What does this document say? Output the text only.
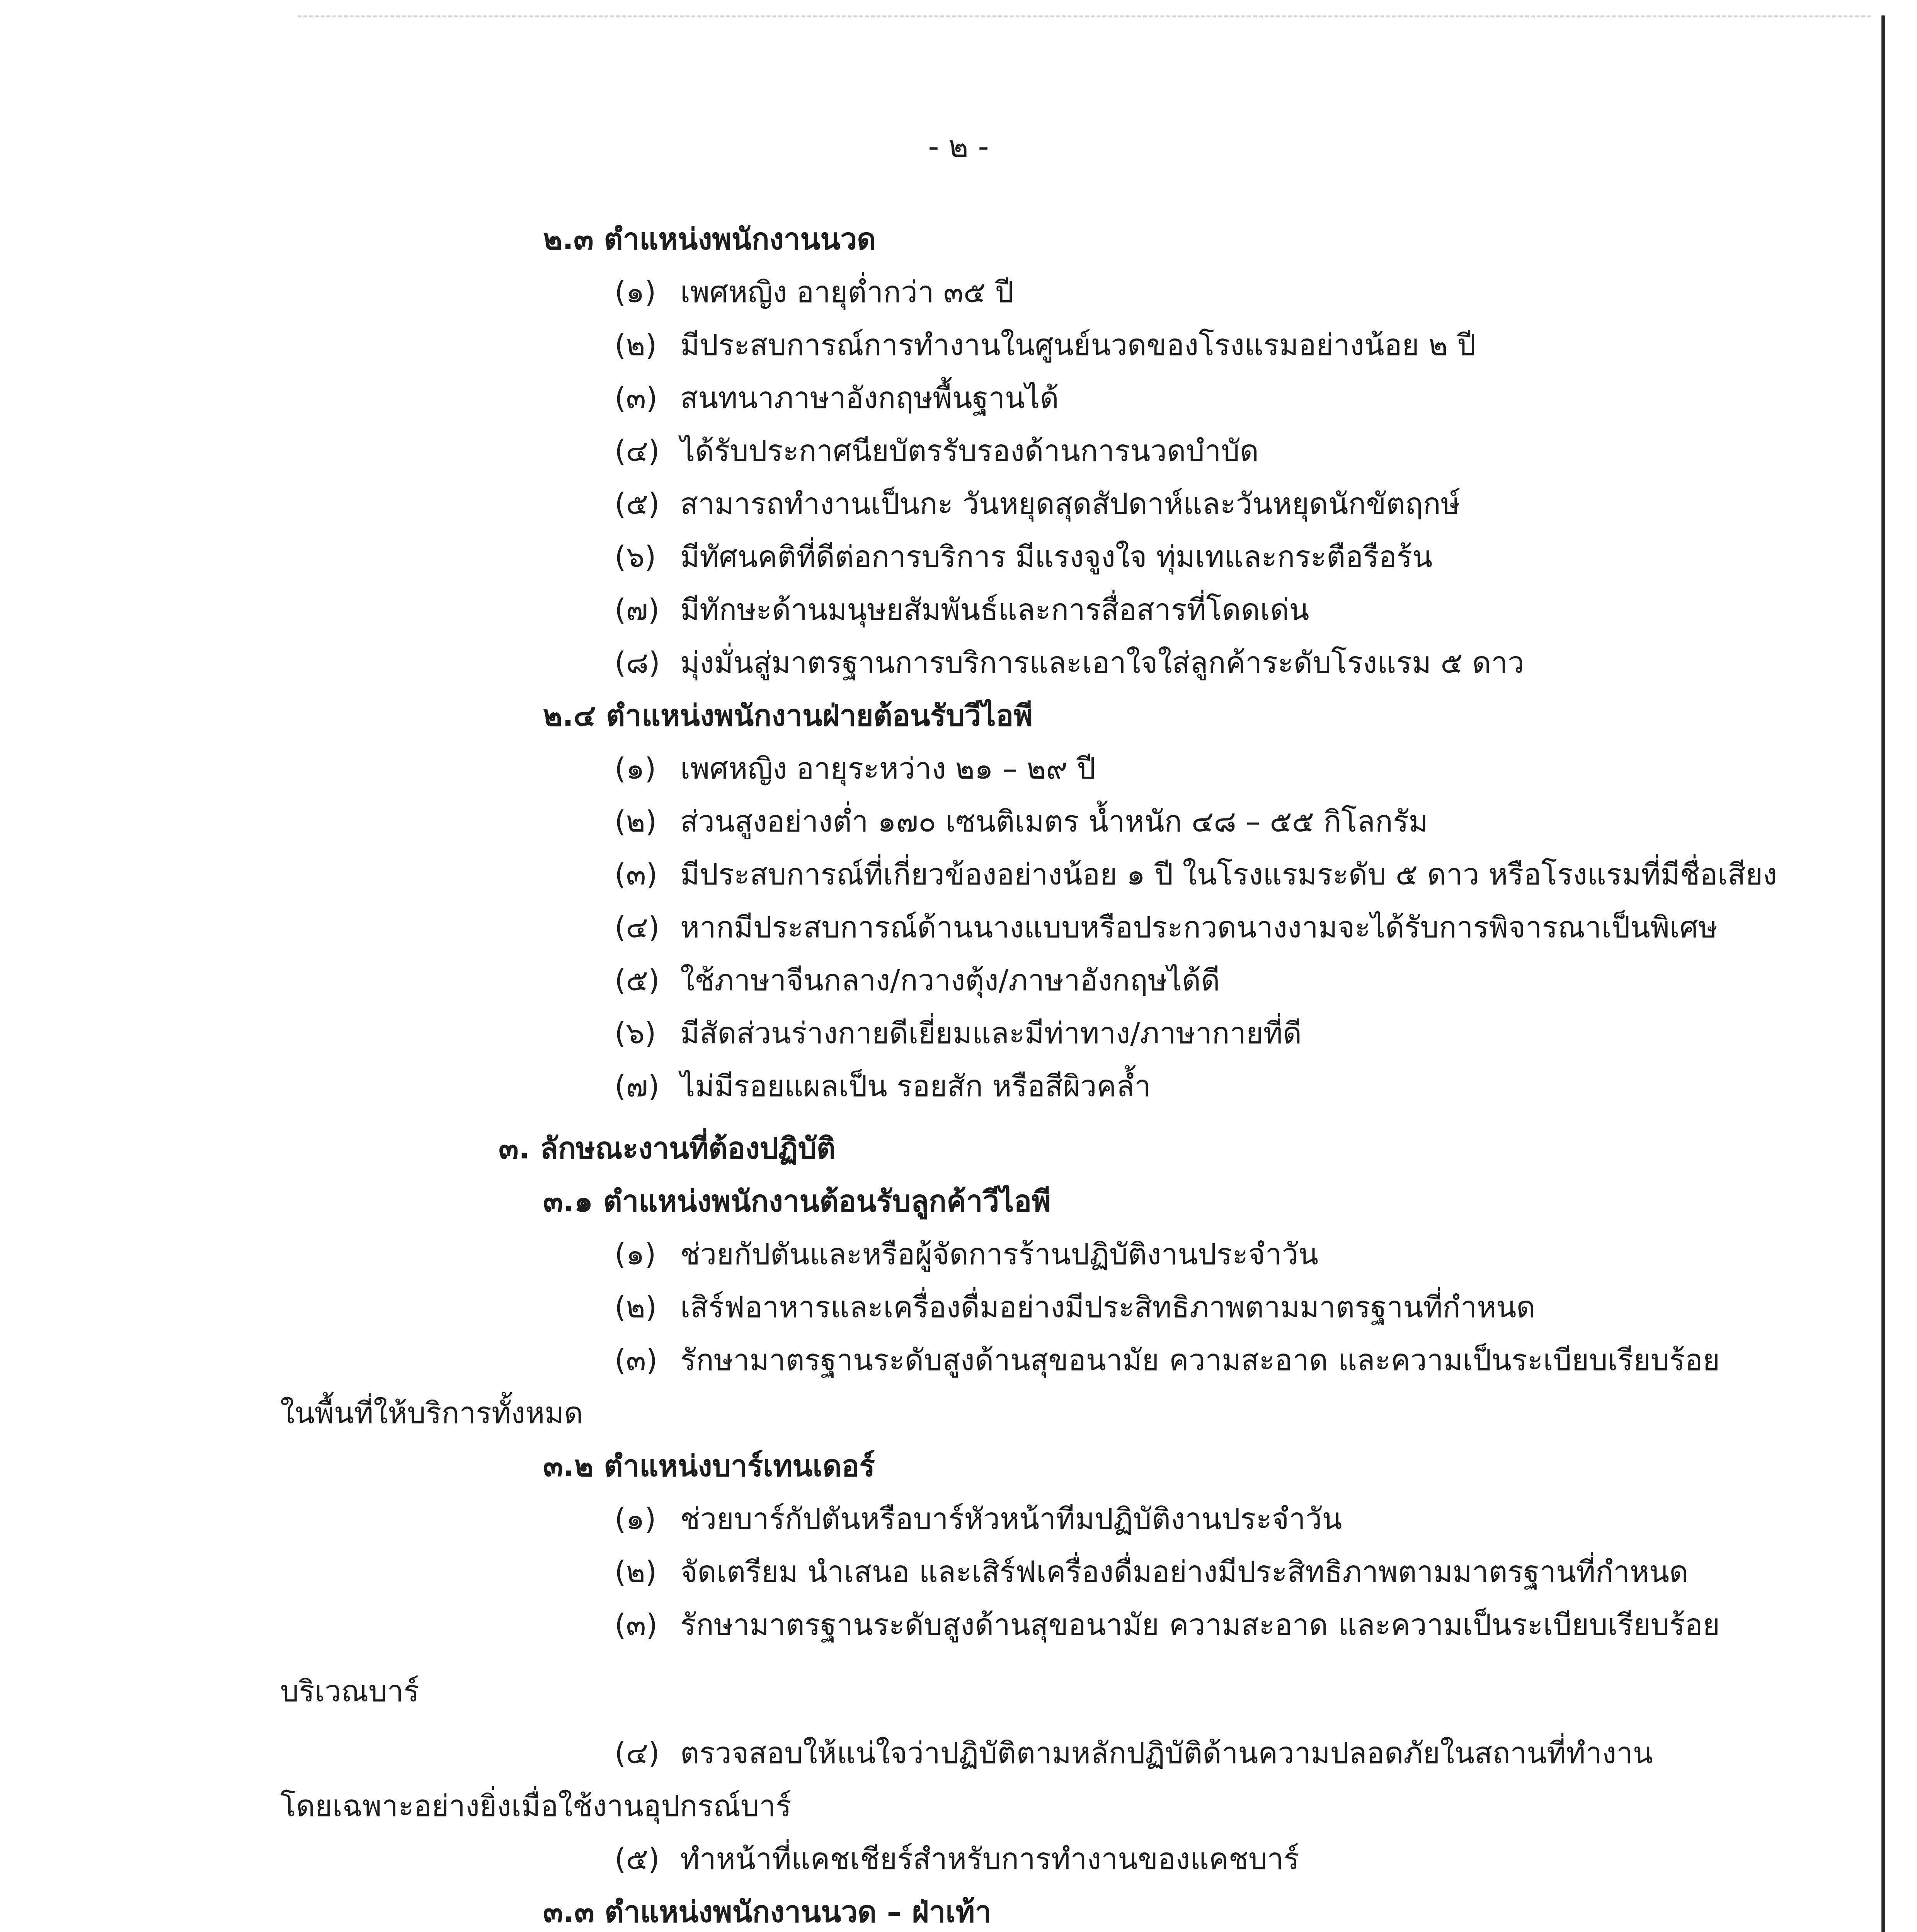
- ๒ -
๒.๓ ตำแหน่งพนักงานนวด
(๑) เพศหญิง อายุต่ำกว่า ๓๕ ปี
(๒) มีประสบการณ์การทำงานในศูนย์นวดของโรงแรมอย่างน้อย ๒ ปี
(๓) สนทนาภาษาอังกฤษพื้นฐานได้
(๔) ได้รับประกาศนียบัตรรับรองด้านการนวดบำบัด
(๕) สามารถทำงานเป็นกะ วันหยุดสุดสัปดาห์และวันหยุดนักขัตฤกษ์
(๖) มีทัศนคติที่ดีต่อการบริการ มีแรงจูงใจ ทุ่มเทและกระตือรือร้น
(๗) มีทักษะด้านมนุษยสัมพันธ์และการสื่อสารที่โดดเด่น
(๘) มุ่งมั่นสู่มาตรฐานการบริการและเอาใจใส่ลูกค้าระดับโรงแรม ๕ ดาว
๒.๔ ตำแหน่งพนักงานฝ่ายต้อนรับวีไอพี
(๑) เพศหญิง อายุระหว่าง ๒๑ – ๒๙ ปี
(๒) ส่วนสูงอย่างต่ำ ๑๗๐ เซนติเมตร น้ำหนัก ๔๘ – ๕๕ กิโลกรัม
(๓) มีประสบการณ์ที่เกี่ยวข้องอย่างน้อย ๑ ปี ในโรงแรมระดับ ๕ ดาว หรือโรงแรมที่มีชื่อเสียง
(๔) หากมีประสบการณ์ด้านนางแบบหรือประกวดนางงามจะได้รับการพิจารณาเป็นพิเศษ
(๕) ใช้ภาษาจีนกลาง/กวางตุ้ง/ภาษาอังกฤษได้ดี
(๖) มีสัดส่วนร่างกายดีเยี่ยมและมีท่าทาง/ภาษากายที่ดี
(๗) ไม่มีรอยแผลเป็น รอยสัก หรือสีผิวคล้ำ
๓. ลักษณะงานที่ต้องปฏิบัติ
๓.๑ ตำแหน่งพนักงานต้อนรับลูกค้าวีไอพี
(๑) ช่วยกัปตันและหรือผู้จัดการร้านปฏิบัติงานประจำวัน
(๒) เสิร์ฟอาหารและเครื่องดื่มอย่างมีประสิทธิภาพตามมาตรฐานที่กำหนด
(๓) รักษามาตรฐานระดับสูงด้านสุขอนามัย ความสะอาด และความเป็นระเบียบเรียบร้อย
ในพื้นที่ให้บริการทั้งหมด
๓.๒ ตำแหน่งบาร์เทนเดอร์
(๑) ช่วยบาร์กัปตันหรือบาร์หัวหน้าทีมปฏิบัติงานประจำวัน
(๒) จัดเตรียม นำเสนอ และเสิร์ฟเครื่องดื่มอย่างมีประสิทธิภาพตามมาตรฐานที่กำหนด
(๓) รักษามาตรฐานระดับสูงด้านสุขอนามัย ความสะอาด และความเป็นระเบียบเรียบร้อย
บริเวณบาร์
(๔) ตรวจสอบให้แน่ใจว่าปฏิบัติตามหลักปฏิบัติด้านความปลอดภัยในสถานที่ทำงาน
โดยเฉพาะอย่างยิ่งเมื่อใช้งานอุปกรณ์บาร์
(๕) ทำหน้าที่แคชเชียร์สำหรับการทำงานของแคชบาร์
๓.๓ ตำแหน่งพนักงานนวด – ฝ่าเท้า
